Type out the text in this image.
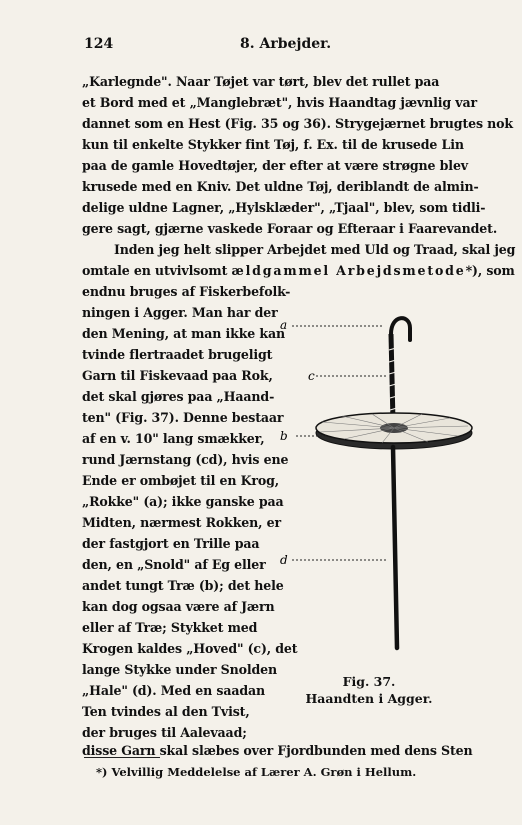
124	8. Arbejder.
„Karlegnde". Naar Tøjet var tørt, blev det rullet paa
et Bord med et „Manglebræt", hvis Haandtag jævnlig var
dannet som en Hest (Fig. 35 og 36). Strygejærnet brugtes nok
kun til enkelte Stykker fint Tøj, f. Ex. til de krusede Lin
paa de gamle Hovedtøjer, der efter at være strøgne blev
krusede med en Kniv. Det uldne Tøj, deriblandt de almin-
delige uldne Lagner, „Hylsklæder", „Tjaal", blev, som tidli-
gere sagt, gjærne vaskede Foraar og Efteraar i Faarevandet.
Inden jeg helt slipper Arbejdet med Uld og Traad, skal jeg
omtale en utvivlsomt ældgammel Arbejdsmetode*), som
endnu bruges af Fiskerbefolk-
ningen i Agger. Man har der
den Mening, at man ikke kan
tvinde flertraadet brugeligt
Garn til Fiskevaad paa Rok,
det skal gjøres paa „Haand-
ten" (Fig. 37). Denne bestaar
af en v. 10" lang smækker,
rund Jærnstang (cd), hvis ene
Ende er ombøjet til en Krog,
„Rokke" (a); ikke ganske paa
Midten, nærmest Rokken, er
der fastgjort en Trille paa
den, en „Snold" af Eg eller
andet tungt Træ (b); det hele
kan dog ogsaa være af Jærn
eller af Træ; Stykket med
Krogen kaldes „Hoved" (c), det
lange Stykke under Snolden
„Hale" (d). Med en saadan
Ten tvindes al den Tvist,
der bruges til Aalevaad;
disse Garn skal slæbes over Fjordbunden med dens Sten
a
c
b
d
Fig. 37.
Haandten i Agger.
*) Velvillig Meddelelse af Lærer A. Grøn i Hellum.
